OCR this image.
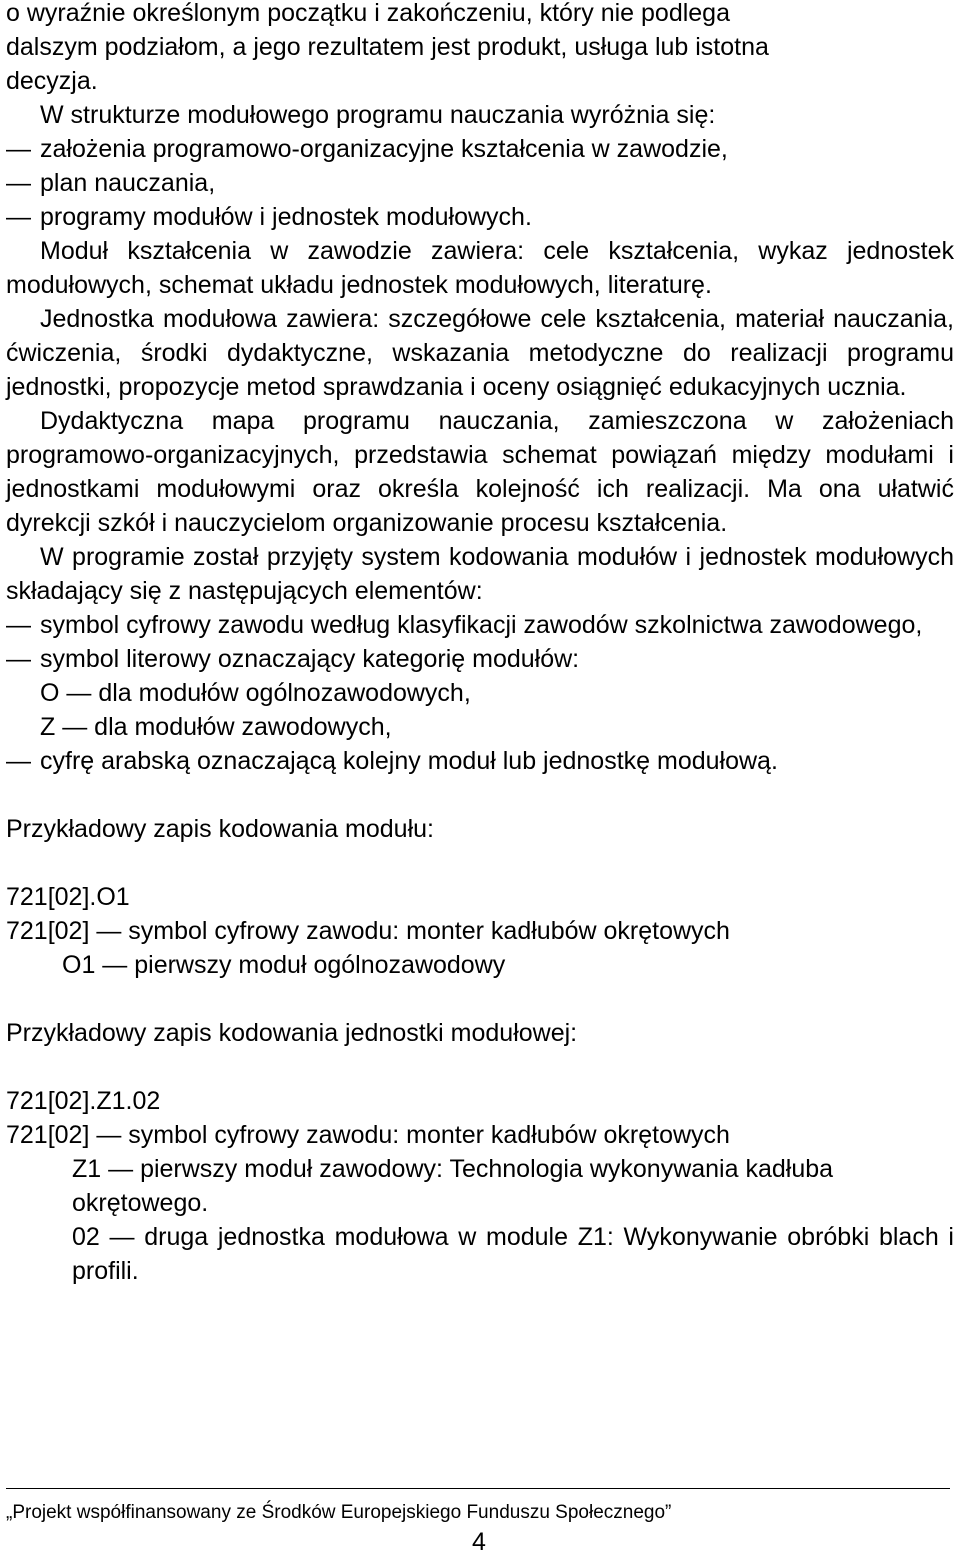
o wyraźnie określonym początku i zakończeniu, który nie podlega
dalszym podziałom, a jego rezultatem jest produkt, usługa lub istotna
decyzja.

W strukturze modułowego programu nauczania wyróżnia się:

— założenia programowo-organizacyjne kształcenia w zawodzie,
— plan nauczania,
— programy modułów i jednostek modułowych.

Moduł kształcenia w zawodzie zawiera: cele kształcenia, wykaz jednostek modułowych, schemat układu jednostek modułowych, literaturę.

Jednostka modułowa zawiera: szczegółowe cele kształcenia, materiał nauczania, ćwiczenia, środki dydaktyczne, wskazania metodyczne do realizacji programu jednostki, propozycje metod sprawdzania i oceny osiągnięć edukacyjnych ucznia.

Dydaktyczna mapa programu nauczania, zamieszczona w założeniach programowo-organizacyjnych, przedstawia schemat powiązań między modułami i jednostkami modułowymi oraz określa kolejność ich realizacji. Ma ona ułatwić dyrekcji szkół i nauczycielom organizowanie procesu kształcenia.

W programie został przyjęty system kodowania modułów i jednostek modułowych składający się z następujących elementów:

— symbol cyfrowy zawodu według klasyfikacji zawodów szkolnictwa zawodowego,
— symbol literowy oznaczający kategorię modułów:

O — dla modułów ogólnozawodowych,

Z — dla modułów zawodowych,

— cyfrę arabską oznaczającą kolejny moduł lub jednostkę modułową.

Przykładowy zapis kodowania modułu:

721[02].O1

721[02] — symbol cyfrowy zawodu: monter kadłubów okrętowych

O1 — pierwszy moduł ogólnozawodowy

Przykładowy zapis kodowania jednostki modułowej:

721[02].Z1.02

721[02] — symbol cyfrowy zawodu: monter kadłubów okrętowych

Z1 — pierwszy moduł zawodowy: Technologia wykonywania kadłuba okrętowego.

02 — druga jednostka modułowa w module Z1: Wykonywanie obróbki blach i profili.

„Projekt współfinansowany ze Środków Europejskiego Funduszu Społecznego”
4
